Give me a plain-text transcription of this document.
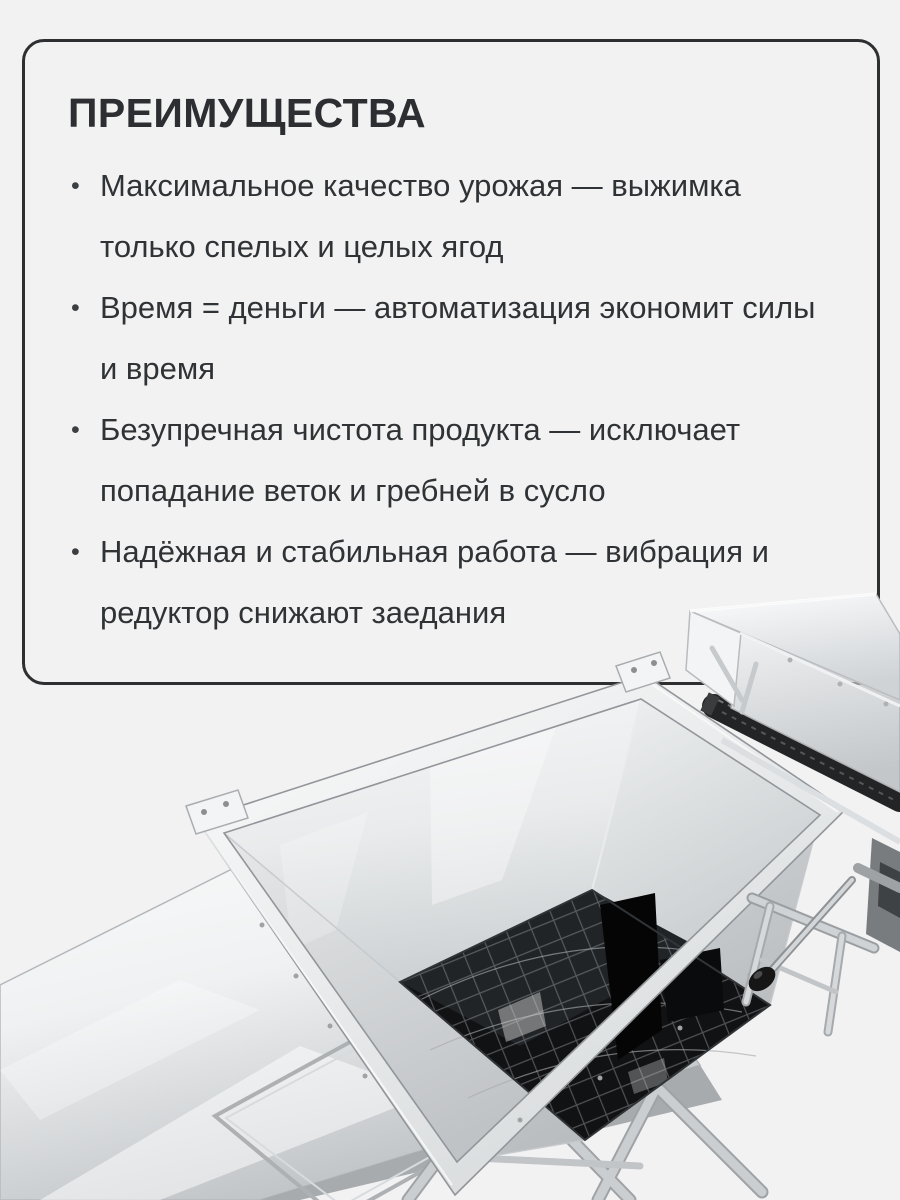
ПРЕИМУЩЕСТВА
• Максимальное качество урожая — выжимка
только спелых и целых ягод
• Время = деньги — автоматизация экономит силы
и время
• Безупречная чистота продукта — исключает
попадание веток и гребней в сусло
• Надёжная и стабильная работа — вибрация и
редуктор снижают заедания
